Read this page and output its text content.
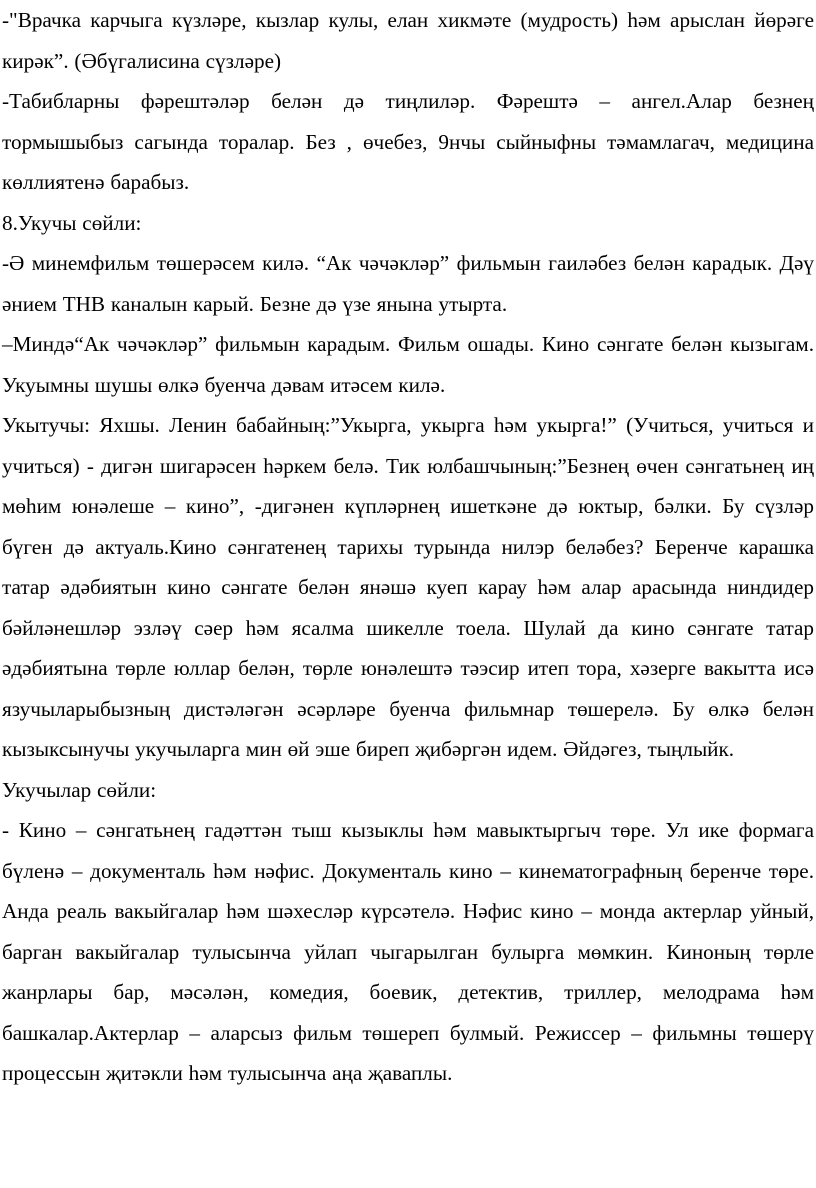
-"Врачка карчыга күзләре, кызлар кулы, елан хикмәте (мудрость) һәм арыслан йөрәге кирәк”. (Әбүгалисина сүзләре)

-Табибларны фәрештәләр белән дә тиңлиләр. Фәрештә – ангел.Алар безнең тормышыбыз сагында торалар. Без , өчебез, 9нчы сыйныфны тәмамлагач, медицина көллиятенә барабыз.

8.Укучы сөйли:

-Ә минемфильм төшерәсем килә. “Ак чәчәкләр” фильмын гаиләбез белән карадык. Дәү әнием ТНВ каналын карый. Безне дә үзе янына утырта.

–Миндә“Ак чәчәкләр” фильмын карадым. Фильм ошады. Кино сәнгате белән кызыгам. Укуымны шушы өлкә буенча дәвам итәсем килә.

Укытучы: Яхшы. Ленин бабайның:”Укырга, укырга һәм укырга!” (Учиться, учиться и учиться) - дигән шигарәсен һәркем белә. Тик юлбашчының:”Безнең өчен сәнгатьнең иң мөһим юнәлеше – кино”, -дигәнен күпләрнең ишеткәне дә юктыр, бәлки. Бу сүзләр бүген дә актуаль.Кино сәнгатенең тарихы турында нилэр беләбез? Беренче карашка татар әдәбиятын кино сәнгате белән янәшә куеп карау һәм алар арасында ниндидер бәйләнешләр эзләү сәер һәм ясалма шикелле тоела. Шулай да кино сәнгате татар әдәбиятына төрле юллар белән, төрле юнәлештә тәэсир итеп тора, хәзерге вакытта исә язучыларыбызның дистәләгән әсәрләре буенча фильмнар төшерелә. Бу өлкә белән кызыксынучы укучыларга мин өй эше биреп җибәргән идем. Әйдәгез, тыңлыйк.

Укучылар сөйли:

- Кино – сәнгатьнең гадәттән тыш кызыклы һәм мавыктыргыч төре. Ул ике формага бүленә – документаль һәм нәфис. Документаль кино – кинематографның беренче төре. Анда реаль вакыйгалар һәм шәхесләр күрсәтелә. Нәфис кино – монда актерлар уйный, барган вакыйгалар тулысынча уйлап чыгарылган булырга мөмкин. Киноның төрле жанрлары бар, мәсәлән, комедия, боевик, детектив, триллер, мелодрама һәм башкалар.Актерлар – аларсыз фильм төшереп булмый. Режиссер – фильмны төшерү процессын җитәкли һәм тулысынча аңа җаваплы.
